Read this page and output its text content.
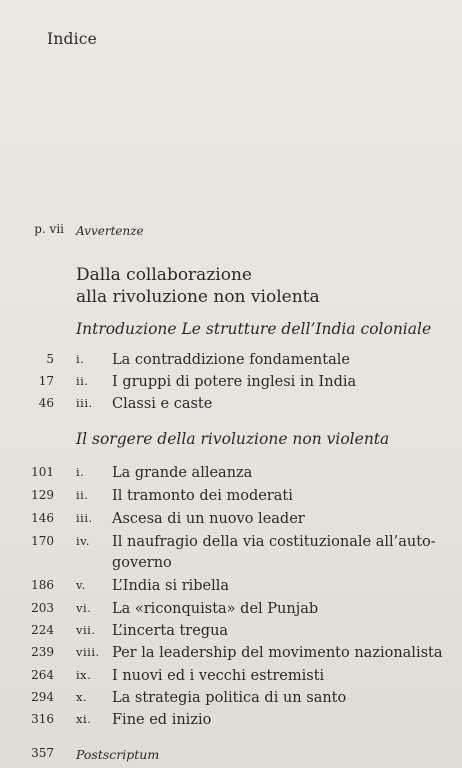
Indice
p. vii Avvertenze
Dalla collaborazione
alla rivoluzione non violenta
Introduzione Le strutture dell’India coloniale
5 i. La contraddizione fondamentale
17 ii. I gruppi di potere inglesi in India
46 iii. Classi e caste
Il sorgere della rivoluzione non violenta
101 i. La grande alleanza
129 ii. Il tramonto dei moderati
146 iii. Ascesa di un nuovo leader
170 iv. Il naufragio della via costituzionale all’auto-
governo
186 v. L’India si ribella
203 vi. La «riconquista» del Punjab
224 vii. L’incerta tregua
239 viii. Per la leadership del movimento nazionalista
264 ix. I nuovi ed i vecchi estremisti
294 x. La strategia politica di un santo
316 xi. Fine ed inizio
357 Postscriptum
